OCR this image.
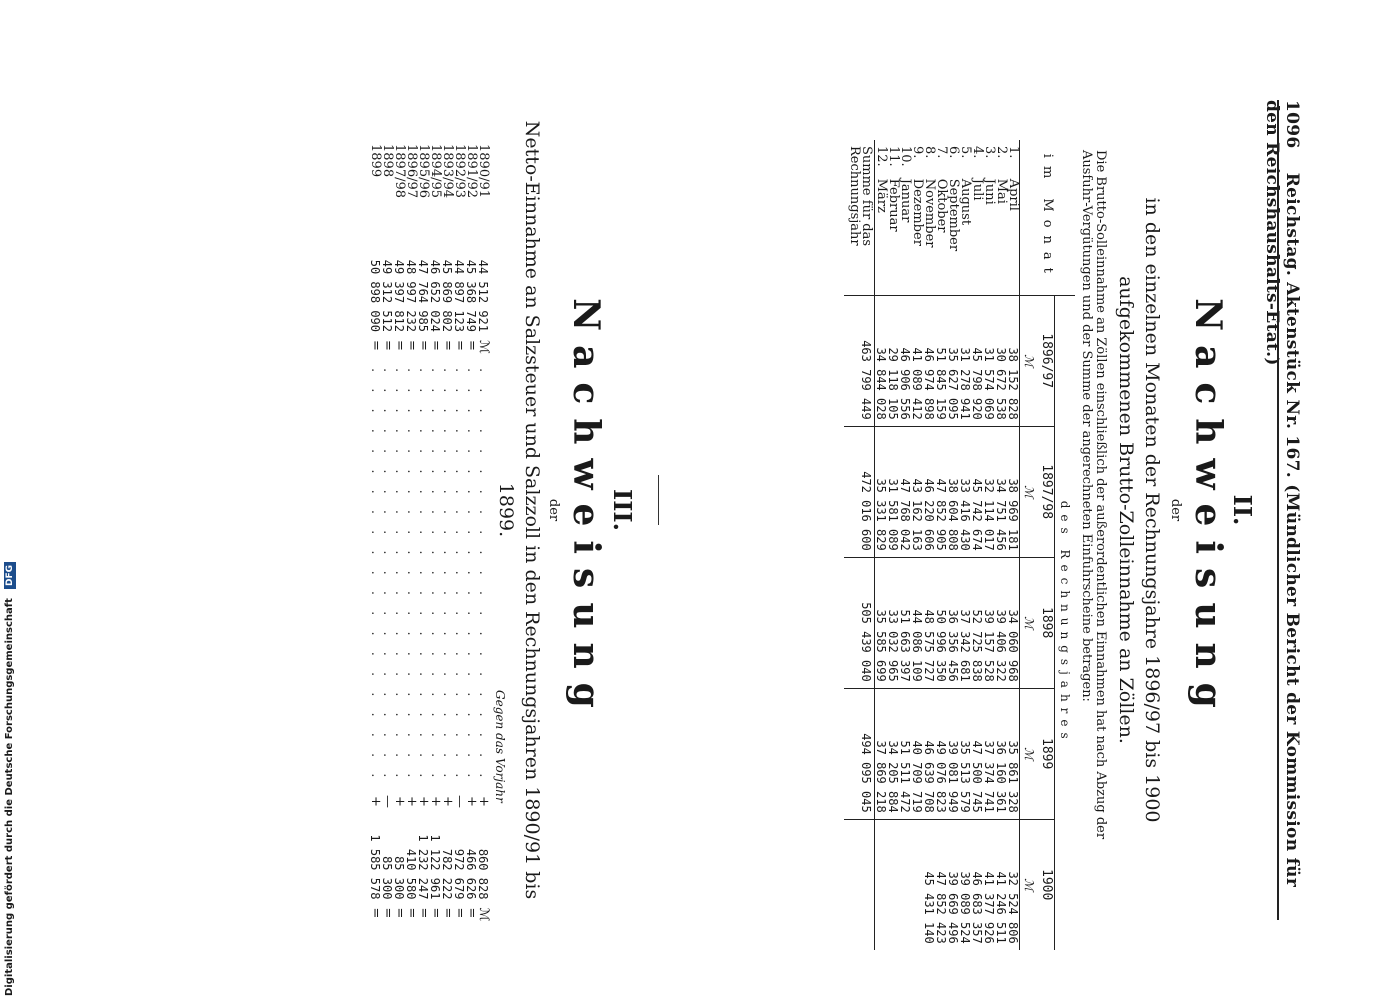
1096 Reichstag. Aktenstück Nr. 167. (Mündlicher Bericht der Kommission für den Reichshaushalts-Etat.)
II.
Nachweisung
der
in den einzelnen Monaten der Rechnungsjahre 1896/97 bis 1900 aufgekommenen Brutto-Zolleinnahme an Zöllen.
Die Brutto-Solleinnahme an Zöllen einschließlich der außerordentlichen Einnahmen hat nach Abzug der Ausfuhr-Vergütungen und der Summe der angerechneten Einfuhrscheine betragen:
im Monat		des Rechnungsjahres				
		1896/97	1897/98	1898	1899	1900
		ℳ	ℳ	ℳ	ℳ	ℳ
1.	April	38 152 828	38 969 181	34 060 968	35 861 328	32 524 806
2.	Mai	30 672 538	34 751 456	39 406 322	36 160 361	41 246 511
3.	Juni	31 574 069	32 114 017	39 157 528	37 374 741	41 377 926
4.	Juli	45 798 920	45 742 674	52 725 838	47 500 745	46 683 357
5.	August	31 278 941	33 416 430	37 342 681	35 513 579	39 089 524
6.	September	35 627 095	38 604 808	36 356 456	39 081 949	39 669 496
7.	Oktober	51 845 159	47 852 905	50 996 350	49 076 823	47 852 423
8.	November	46 974 898	46 220 606	48 575 727	46 639 708	45 431 140
9.	Dezember	41 089 412	43 162 163	44 086 109	40 709 719	
10.	Januar	46 906 556	47 768 042	51 663 397	51 511 472	
11.	Februar	29 118 105	31 581 089	33 032 965	34 205 884	
12.	März	34 844 028	35 331 829	35 585 699	37 869 218	
Summe für das Rechnungsjahr		463 799 449	472 016 600	505 439 040	494 095 045	
III.
Nachweisung
der
Netto-Einnahme an Salzsteuer und Salzzoll in den Rechnungsjahren 1890/91 bis 1899.
Gegen das Vorjahr
1890/91	44 512 921	ℳ	. . . . . . . . . . . . . . . . . . . . .	+	860 828	ℳ
1891/92	45 368 749	=	. . . . . . . . . . . . . . . . . . . . .	+	466 626	=
1892/93	44 897 123	=	. . . . . . . . . . . . . . . . . . . . .	—	972 679	=
1893/94	45 869 802	=	. . . . . . . . . . . . . . . . . . . . .	+	782 222	=
1894/95	46 652 024	=	. . . . . . . . . . . . . . . . . . . . .	+	1 122 961	=
1895/96	47 764 985	=	. . . . . . . . . . . . . . . . . . . . .	+	1 232 247	=
1896/97	48 997 232	=	. . . . . . . . . . . . . . . . . . . . .	+	410 580	=
1897/98	49 397 812	=	. . . . . . . . . . . . . . . . . . . . .	+	85 300	=
1898	49 312 512	=	. . . . . . . . . . . . . . . . . . . . .	—	85 300	=
1899	50 898 090	=	. . . . . . . . . . . . . . . . . . . . .	+	1 585 578	=
Digitalisierung gefördert durch die Deutsche Forschungsgemeinschaft DFG
